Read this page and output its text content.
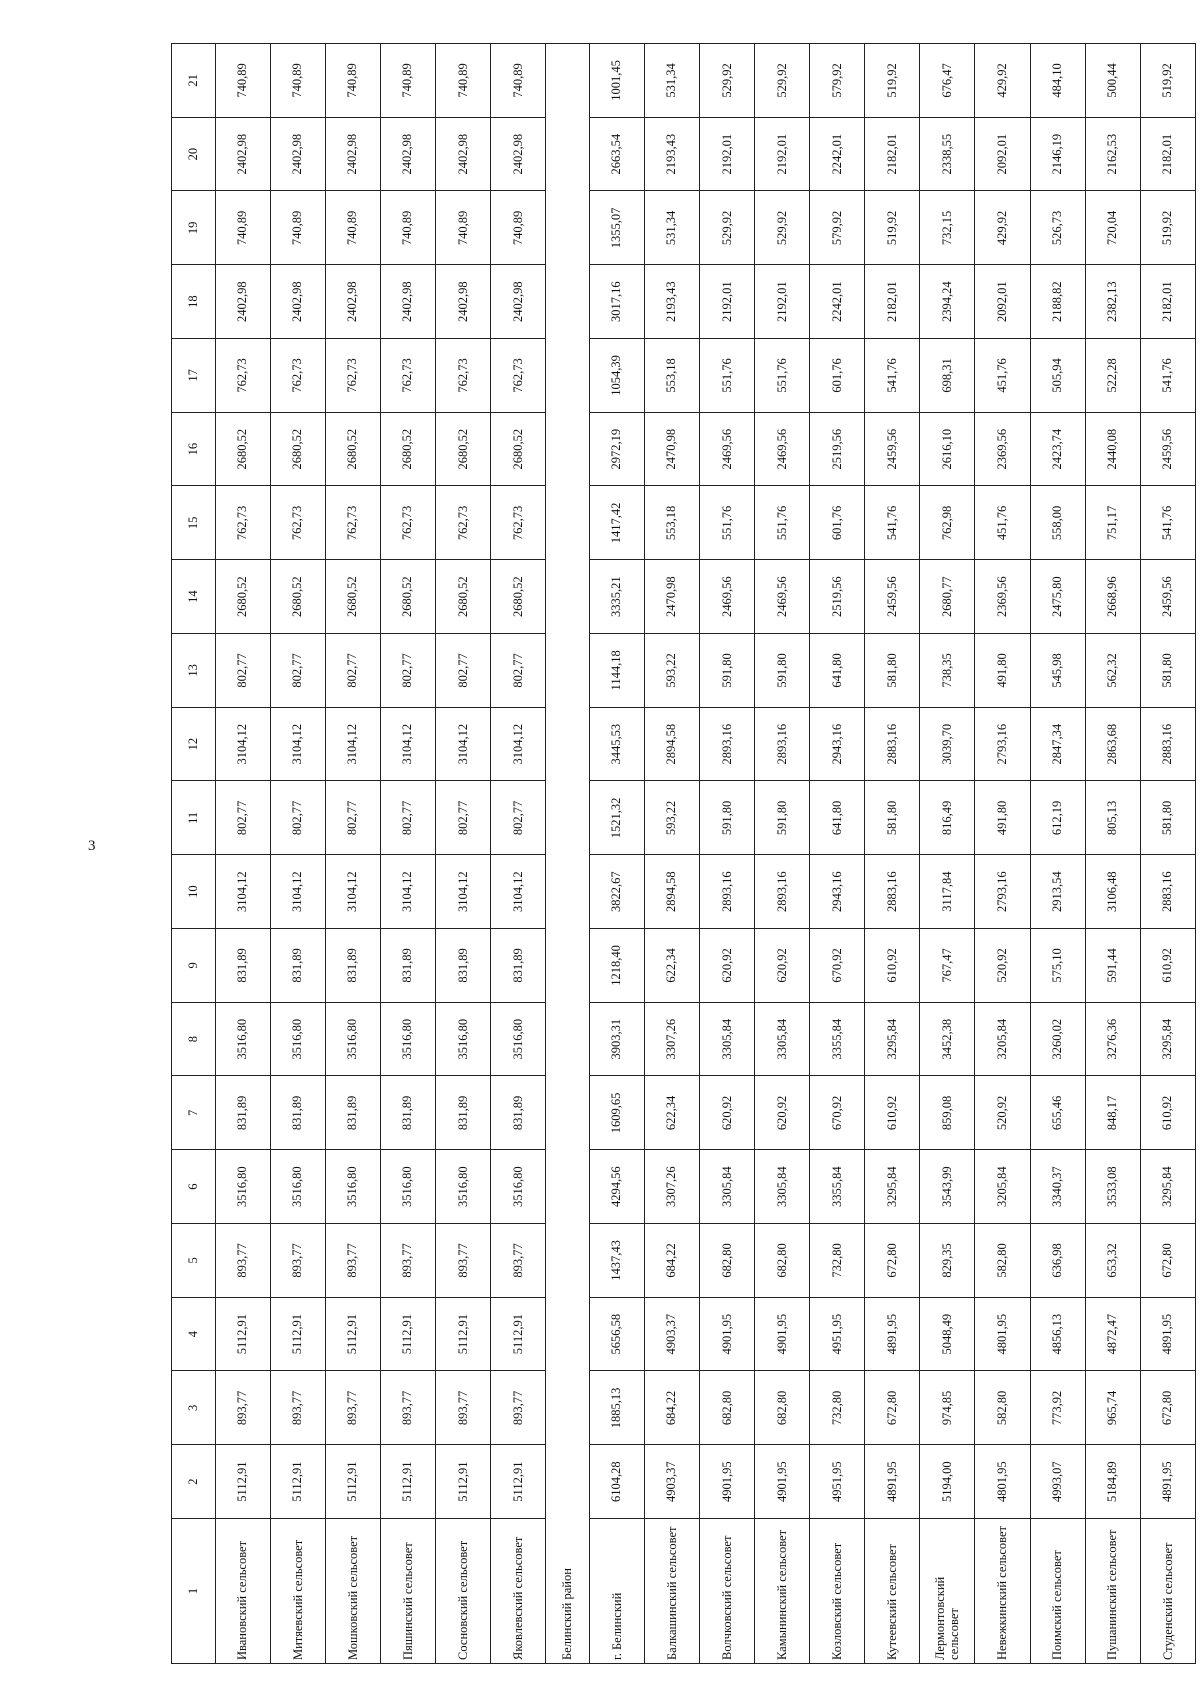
3
1	2	3	4	5	6	7	8	9	10	11	12	13	14	15	16	17	18	19	20	21
Ивановский сельсовет	5112,91	893,77	5112,91	893,77	3516,80	831,89	3516,80	831,89	3104,12	802,77	3104,12	802,77	2680,52	762,73	2680,52	762,73	2402,98	740,89	2402,98	740,89
Митяевский сельсовет	5112,91	893,77	5112,91	893,77	3516,80	831,89	3516,80	831,89	3104,12	802,77	3104,12	802,77	2680,52	762,73	2680,52	762,73	2402,98	740,89	2402,98	740,89
Мошковский сельсовет	5112,91	893,77	5112,91	893,77	3516,80	831,89	3516,80	831,89	3104,12	802,77	3104,12	802,77	2680,52	762,73	2680,52	762,73	2402,98	740,89	2402,98	740,89
Пяшинский сельсовет	5112,91	893,77	5112,91	893,77	3516,80	831,89	3516,80	831,89	3104,12	802,77	3104,12	802,77	2680,52	762,73	2680,52	762,73	2402,98	740,89	2402,98	740,89
Сосновский сельсовет	5112,91	893,77	5112,91	893,77	3516,80	831,89	3516,80	831,89	3104,12	802,77	3104,12	802,77	2680,52	762,73	2680,52	762,73	2402,98	740,89	2402,98	740,89
Яковлевский сельсовет	5112,91	893,77	5112,91	893,77	3516,80	831,89	3516,80	831,89	3104,12	802,77	3104,12	802,77	2680,52	762,73	2680,52	762,73	2402,98	740,89	2402,98	740,89
Белинский район																				
г. Белинский	6104,28	1885,13	5656,58	1437,43	4294,56	1609,65	3903,31	1218,40	3822,67	1521,32	3445,53	1144,18	3335,21	1417,42	2972,19	1054,39	3017,16	1355,07	2663,54	1001,45
Балкашинский сельсовет	4903,37	684,22	4903,37	684,22	3307,26	622,34	3307,26	622,34	2894,58	593,22	2894,58	593,22	2470,98	553,18	2470,98	553,18	2193,43	531,34	2193,43	531,34
Волчковский сельсовет	4901,95	682,80	4901,95	682,80	3305,84	620,92	3305,84	620,92	2893,16	591,80	2893,16	591,80	2469,56	551,76	2469,56	551,76	2192,01	529,92	2192,01	529,92
Камынинский сельсовет	4901,95	682,80	4901,95	682,80	3305,84	620,92	3305,84	620,92	2893,16	591,80	2893,16	591,80	2469,56	551,76	2469,56	551,76	2192,01	529,92	2192,01	529,92
Козловский сельсовет	4951,95	732,80	4951,95	732,80	3355,84	670,92	3355,84	670,92	2943,16	641,80	2943,16	641,80	2519,56	601,76	2519,56	601,76	2242,01	579,92	2242,01	579,92
Кутеевский сельсовет	4891,95	672,80	4891,95	672,80	3295,84	610,92	3295,84	610,92	2883,16	581,80	2883,16	581,80	2459,56	541,76	2459,56	541,76	2182,01	519,92	2182,01	519,92
Лермонтовский сельсовет	5194,00	974,85	5048,49	829,35	3543,99	859,08	3452,38	767,47	3117,84	816,49	3039,70	738,35	2680,77	762,98	2616,10	698,31	2394,24	732,15	2338,55	676,47
Невежкинский сельсовет	4801,95	582,80	4801,95	582,80	3205,84	520,92	3205,84	520,92	2793,16	491,80	2793,16	491,80	2369,56	451,76	2369,56	451,76	2092,01	429,92	2092,01	429,92
Поимский сельсовет	4993,07	773,92	4856,13	636,98	3340,37	655,46	3260,02	575,10	2913,54	612,19	2847,34	545,98	2475,80	558,00	2423,74	505,94	2188,82	526,73	2146,19	484,10
Пушанинский сельсовет	5184,89	965,74	4872,47	653,32	3533,08	848,17	3276,36	591,44	3106,48	805,13	2863,68	562,32	2668,96	751,17	2440,08	522,28	2382,13	720,04	2162,53	500,44
Студенский сельсовет	4891,95	672,80	4891,95	672,80	3295,84	610,92	3295,84	610,92	2883,16	581,80	2883,16	581,80	2459,56	541,76	2459,56	541,76	2182,01	519,92	2182,01	519,92
